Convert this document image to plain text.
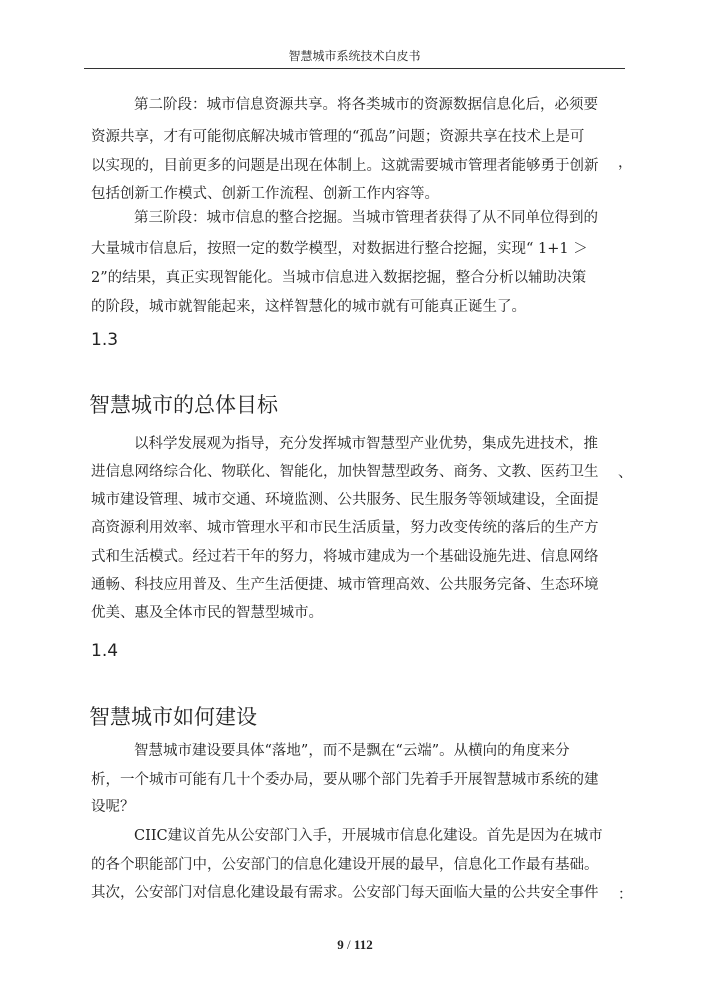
智慧城市系统技术白皮书
第二阶段：城市信息资源共享。将各类城市的资源数据信息化后，必须要
资源共享，才有可能彻底解决城市管理的“孤岛”问题；资源共享在技术上是可
以实现的，目前更多的问题是出现在体制上。这就需要城市管理者能够勇于创新 ，
包括创新工作模式、创新工作流程、创新工作内容等。
第三阶段：城市信息的整合挖掘。当城市管理者获得了从不同单位得到的
大量城市信息后，按照一定的数学模型，对数据进行整合挖掘，实现“ 1+1 ＞
2”的结果，真正实现智能化。当城市信息进入数据挖掘，整合分析以辅助决策
的阶段，城市就智能起来，这样智慧化的城市就有可能真正诞生了。
1.3
智慧城市的总体目标
以科学发展观为指导，充分发挥城市智慧型产业优势，集成先进技术，推
进信息网络综合化、物联化、智能化，加快智慧型政务、商务、文教、医药卫生 、
城市建设管理、城市交通、环境监测、公共服务、民生服务等领域建设，全面提
高资源利用效率、城市管理水平和市民生活质量，努力改变传统的落后的生产方
式和生活模式。经过若干年的努力，将城市建成为一个基础设施先进、信息网络
通畅、科技应用普及、生产生活便捷、城市管理高效、公共服务完备、生态环境
优美、惠及全体市民的智慧型城市。
1.4
智慧城市如何建设
智慧城市建设要具体“落地”，而不是飘在“云端”。从横向的角度来分
析，一个城市可能有几十个委办局，要从哪个部门先着手开展智慧城市系统的建
设呢？
CIIC建议首先从公安部门入手，开展城市信息化建设。首先是因为在城市
的各个职能部门中，公安部门的信息化建设开展的最早，信息化工作最有基础。
其次，公安部门对信息化建设最有需求。公安部门每天面临大量的公共安全事件 ：
9 / 112
